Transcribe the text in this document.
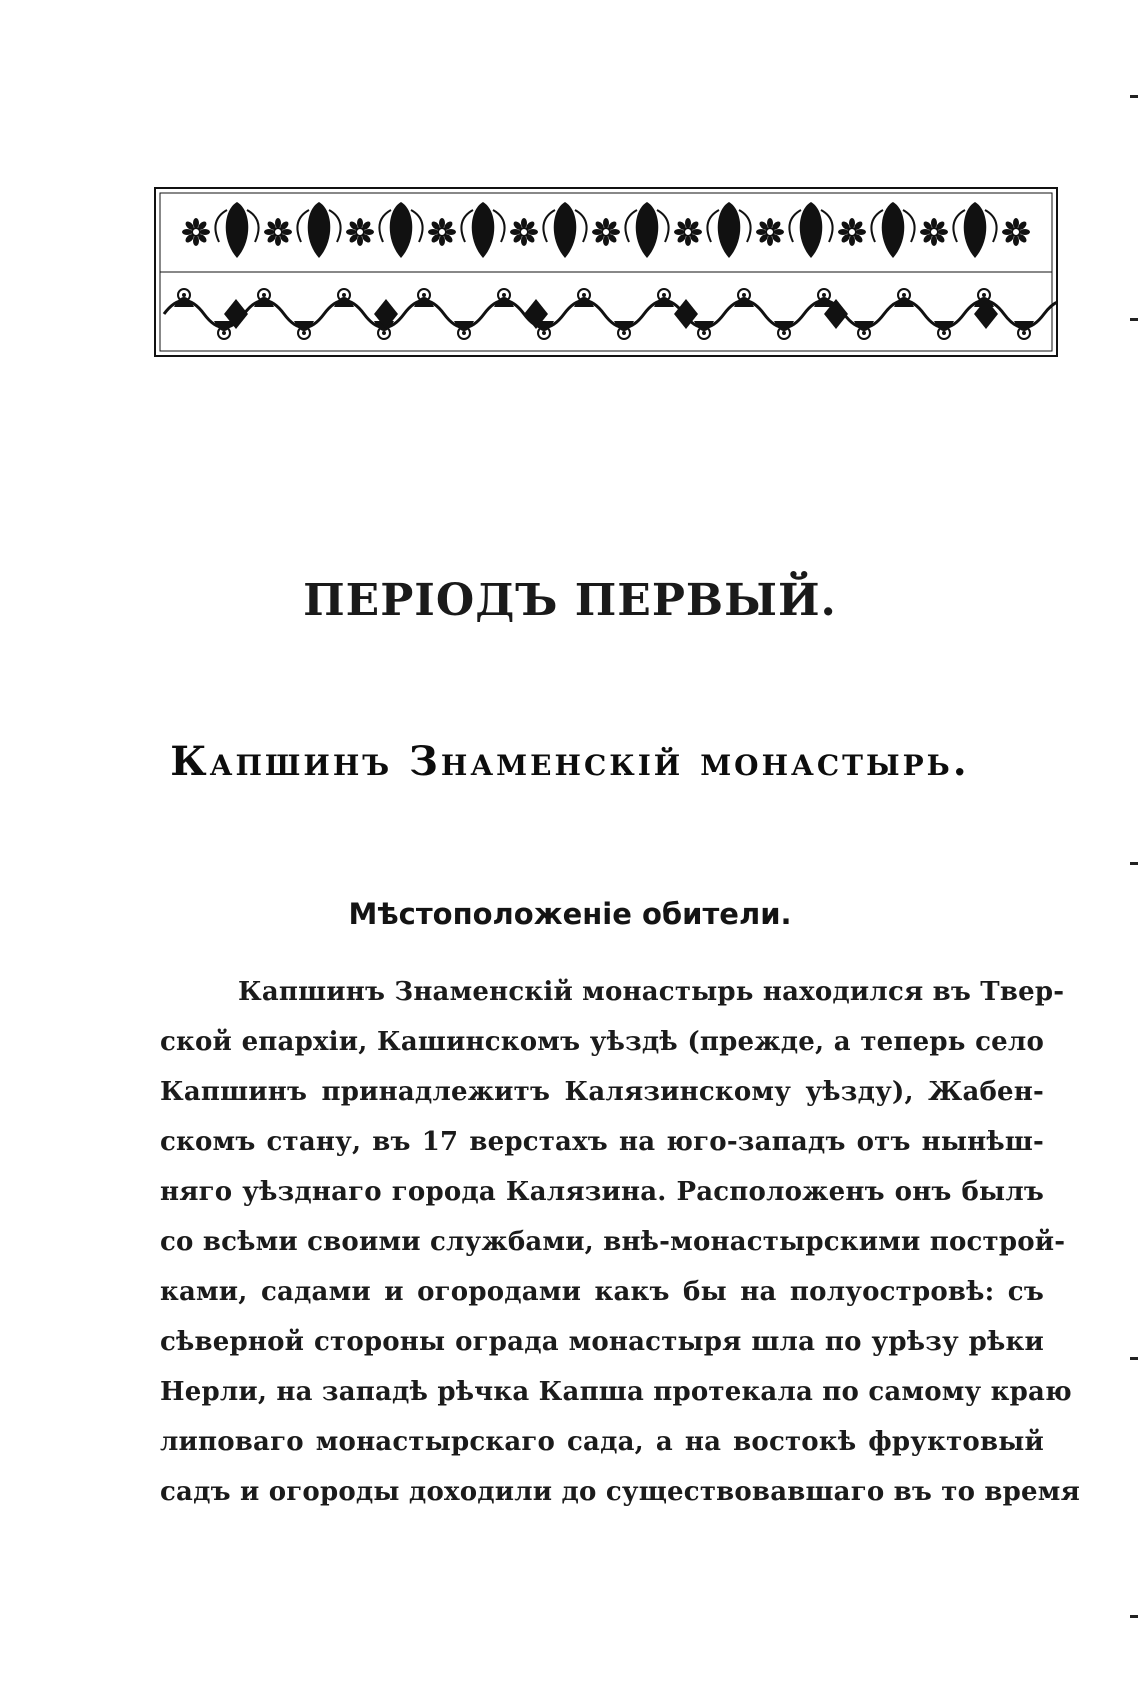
ПЕРІОДЪ ПЕРВЫЙ.
Капшинъ Знаменскій монастырь.
Мѣстоположеніе обители.
Капшинъ Знаменскій монастырь находился въ Твер-
ской епархіи, Кашинскомъ уѣздѣ (прежде, а теперь село
Капшинъ принадлежитъ Калязинскому уѣзду), Жабен-
скомъ стану, въ 17 верстахъ на юго-западъ отъ нынѣш-
няго уѣзднаго города Калязина. Расположенъ онъ былъ
со всѣми своими службами, внѣ-монастырскими построй-
ками, садами и огородами какъ бы на полуостровѣ: съ
сѣверной стороны ограда монастыря шла по урѣзу рѣки
Нерли, на западѣ рѣчка Капша протекала по самому краю
липоваго монастырскаго сада, а на востокѣ фруктовый
садъ и огороды доходили до существовавшаго въ то время
